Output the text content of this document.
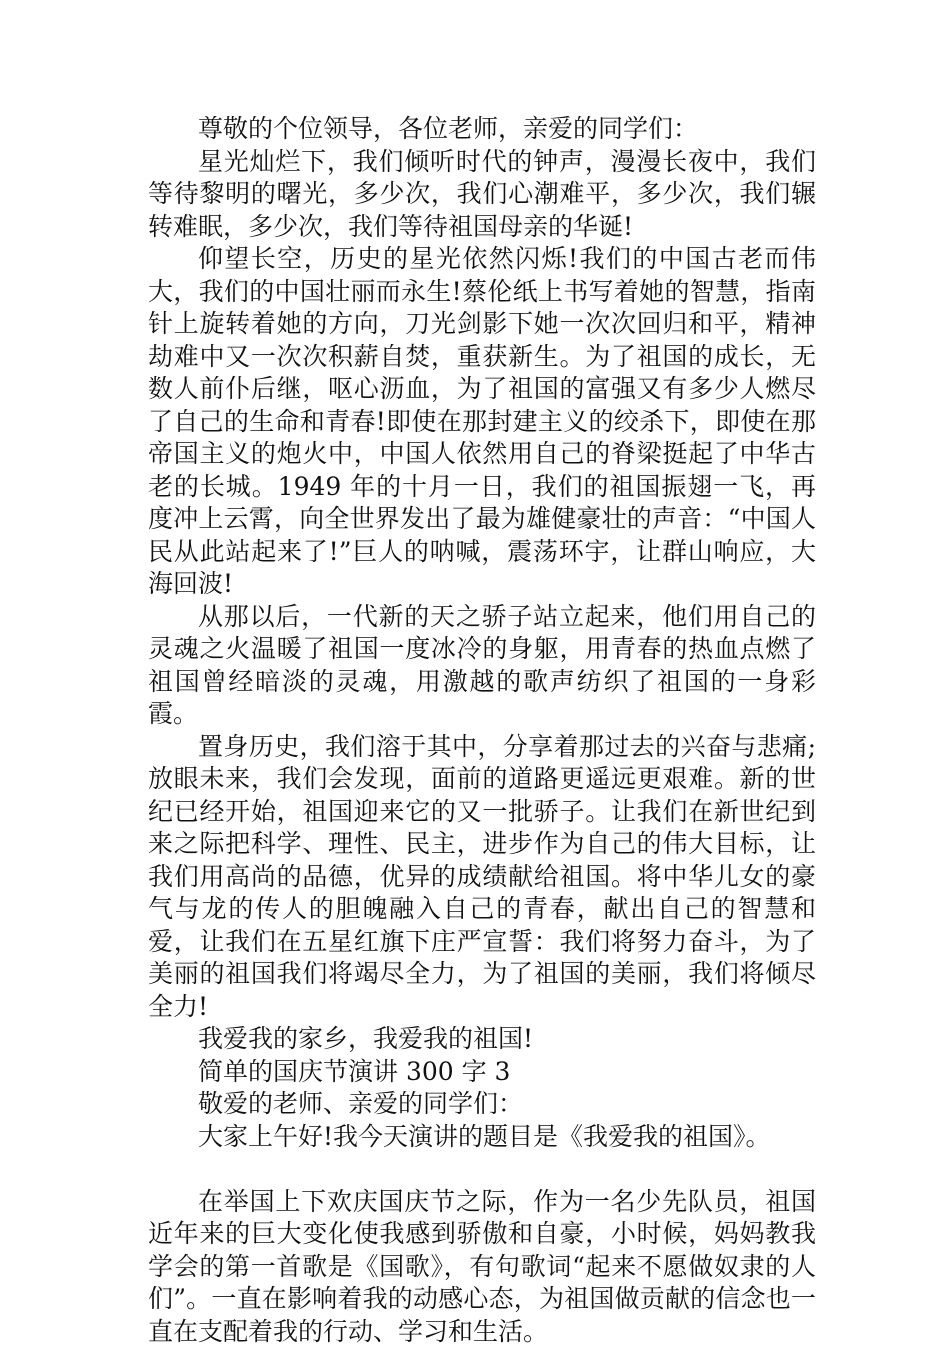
尊敬的个位领导，各位老师，亲爱的同学们：

星光灿烂下，我们倾听时代的钟声，漫漫长夜中，我们等待黎明的曙光，多少次，我们心潮难平，多少次，我们辗转难眠，多少次，我们等待祖国母亲的华诞!

仰望长空，历史的星光依然闪烁!我们的中国古老而伟大，我们的中国壮丽而永生!蔡伦纸上书写着她的智慧，指南针上旋转着她的方向，刀光剑影下她一次次回归和平，精神劫难中又一次次积薪自焚，重获新生。为了祖国的成长，无数人前仆后继，呕心沥血，为了祖国的富强又有多少人燃尽了自己的生命和青春!即使在那封建主义的绞杀下，即使在那帝国主义的炮火中，中国人依然用自己的脊梁挺起了中华古老的长城。1949 年的十月一日，我们的祖国振翅一飞，再度冲上云霄，向全世界发出了最为雄健豪壮的声音：“中国人民从此站起来了!”巨人的呐喊，震荡环宇，让群山响应，大海回波!

从那以后，一代新的天之骄子站立起来，他们用自己的灵魂之火温暖了祖国一度冰冷的身躯，用青春的热血点燃了祖国曾经暗淡的灵魂，用激越的歌声纺织了祖国的一身彩霞。

置身历史，我们溶于其中，分享着那过去的兴奋与悲痛;放眼未来，我们会发现，面前的道路更遥远更艰难。新的世纪已经开始，祖国迎来它的又一批骄子。让我们在新世纪到来之际把科学、理性、民主，进步作为自己的伟大目标，让我们用高尚的品德，优异的成绩献给祖国。将中华儿女的豪气与龙的传人的胆魄融入自己的青春，献出自己的智慧和爱，让我们在五星红旗下庄严宣誓：我们将努力奋斗，为了美丽的祖国我们将竭尽全力，为了祖国的美丽，我们将倾尽全力!

我爱我的家乡，我爱我的祖国!

简单的国庆节演讲 300 字 3

敬爱的老师、亲爱的同学们：

大家上午好!我今天演讲的题目是《我爱我的祖国》。

在举国上下欢庆国庆节之际，作为一名少先队员，祖国近年来的巨大变化使我感到骄傲和自豪，小时候，妈妈教我学会的第一首歌是《国歌》，有句歌词“起来不愿做奴隶的人们”。一直在影响着我的动感心态，为祖国做贡献的信念也一直在支配着我的行动、学习和生活。
